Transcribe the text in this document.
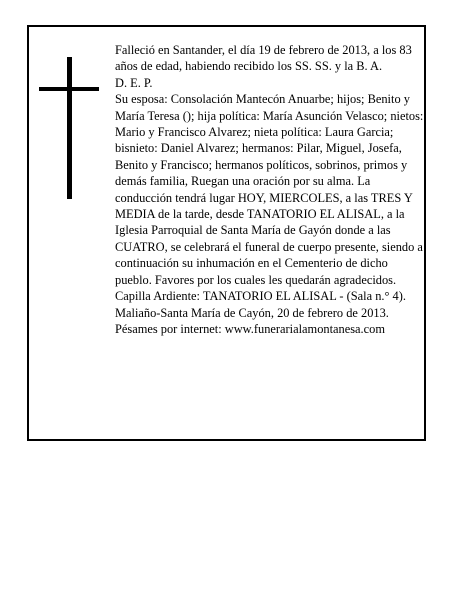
Falleció en Santander, el día 19 de febrero de 2013, a los 83 años de edad, habiendo recibido los SS. SS. y la B. A.

D. E. P.

Su esposa: Consolación Mantecón Anuarbe; hijos; Benito y María Teresa (); hija política: María Asunción Velasco; nietos: Mario y Francisco Alvarez; nieta política: Laura Garcia; bisnieto: Daniel Alvarez; hermanos: Pilar, Miguel, Josefa, Benito y Francisco; hermanos políticos, sobrinos, primos y demás familia, Ruegan una oración por su alma. La conducción tendrá lugar HOY, MIERCOLES, a las TRES Y MEDIA de la tarde, desde TANATORIO EL ALISAL, a la Iglesia Parroquial de Santa María de Gayón donde a las CUATRO, se celebrará el funeral de cuerpo presente, siendo a continuación su inhumación en el Cementerio de dicho pueblo. Favores por los cuales les quedarán agradecidos. Capilla Ardiente: TANATORIO EL ALISAL - (Sala n.° 4).

Maliaño-Santa María de Cayón, 20 de febrero de 2013.

Pésames por internet: www.funerarialamontanesa.com
